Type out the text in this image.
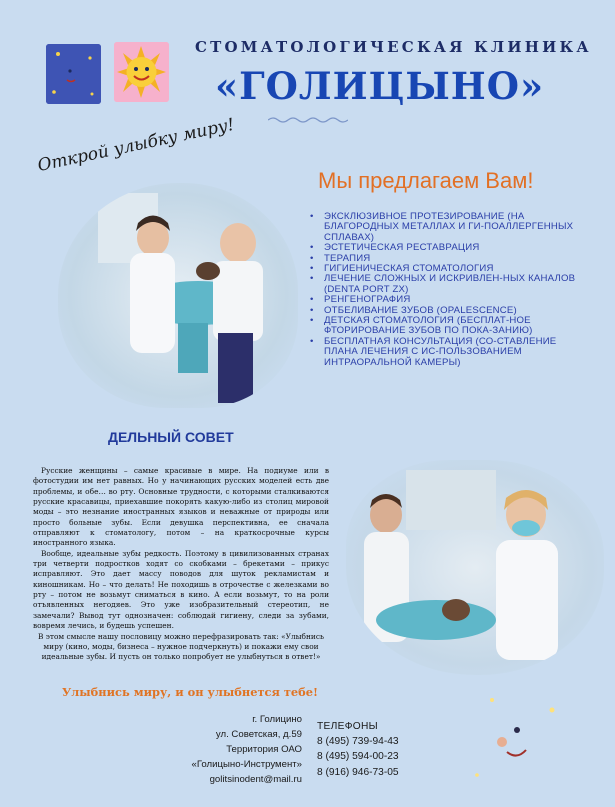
СТОМАТОЛОГИЧЕСКАЯ КЛИНИКА
«ГОЛИЦЫНО»
Открой улыбку миру!
Мы предлагаем Вам!
• ЭКСКЛЮЗИВНОЕ ПРОТЕЗИРОВАНИЕ (НА БЛАГОРОДНЫХ МЕТАЛЛАХ И ГИ-ПОАЛЛЕРГЕННЫХ СПЛАВАХ)
• ЭСТЕТИЧЕСКАЯ РЕСТАВРАЦИЯ
• ТЕРАПИЯ
• ГИГИЕНИЧЕСКАЯ СТОМАТОЛОГИЯ
• ЛЕЧЕНИЕ СЛОЖНЫХ И ИСКРИВЛЕН-НЫХ КАНАЛОВ (DENTA PORT ZX)
• РЕНГЕНОГРАФИЯ
• ОТБЕЛИВАНИЕ ЗУБОВ (OPALESCENCE)
• ДЕТСКАЯ СТОМАТОЛОГИЯ (БЕСПЛАТ-НОЕ ФТОРИРОВАНИЕ ЗУБОВ ПО ПОКА-ЗАНИЮ)
• БЕСПЛАТНАЯ КОНСУЛЬТАЦИЯ (СО-СТАВЛЕНИЕ ПЛАНА ЛЕЧЕНИЯ С ИС-ПОЛЬЗОВАНИЕМ ИНТРАОРАЛЬНОЙ КАМЕРЫ)
ДЕЛЬНЫЙ СОВЕТ

Русские женщины – самые красивые в мире. На подиуме или в фотостудии им нет равных. Но у начинающих русских моделей есть две проблемы, и обе… во рту. Основные трудности, с которыми сталкиваются русские красавицы, приехавшие покорять какую-либо из столиц мировой моды – это незнание иностранных языков и неважные от природы или просто больные зубы. Если девушка перспективна, ее сначала отправляют к стоматологу, потом – на краткосрочные курсы иностранного языка.

Вообще, идеальные зубы редкость. Поэтому в цивилизованных странах три четверти подростков ходят со скобками – брекетами – прикус исправляют. Это дает массу поводов для шуток рекламистам и киношникам. Но – что делать! Не походишь в отрочестве с железками во рту – потом не возьмут сниматься в кино. А если возьмут, то на роли отъявленных негодяев. Это уже изобразительный стереотип, не замечали? Вывод тут однозначен: соблюдай гигиену, следи за зубами, вовремя лечись, и будешь успешен.

В этом смысле нашу пословицу можно перефразировать так: «Улыбнись миру (кино, моды, бизнеса – нужное подчеркнуть) и покажи ему свои идеальные зубы. И пусть он только попробует не улыбнуться в ответ!»

Улыбнись миру, и он улыбнется тебе!
г. Голицино
ул. Советская, д.59
Территория ОАО
«Голицыно-Инструмент»
golitsinodent@mail.ru
ТЕЛЕФОНЫ
8 (495) 739-94-43
8 (495) 594-00-23
8 (916) 946-73-05
